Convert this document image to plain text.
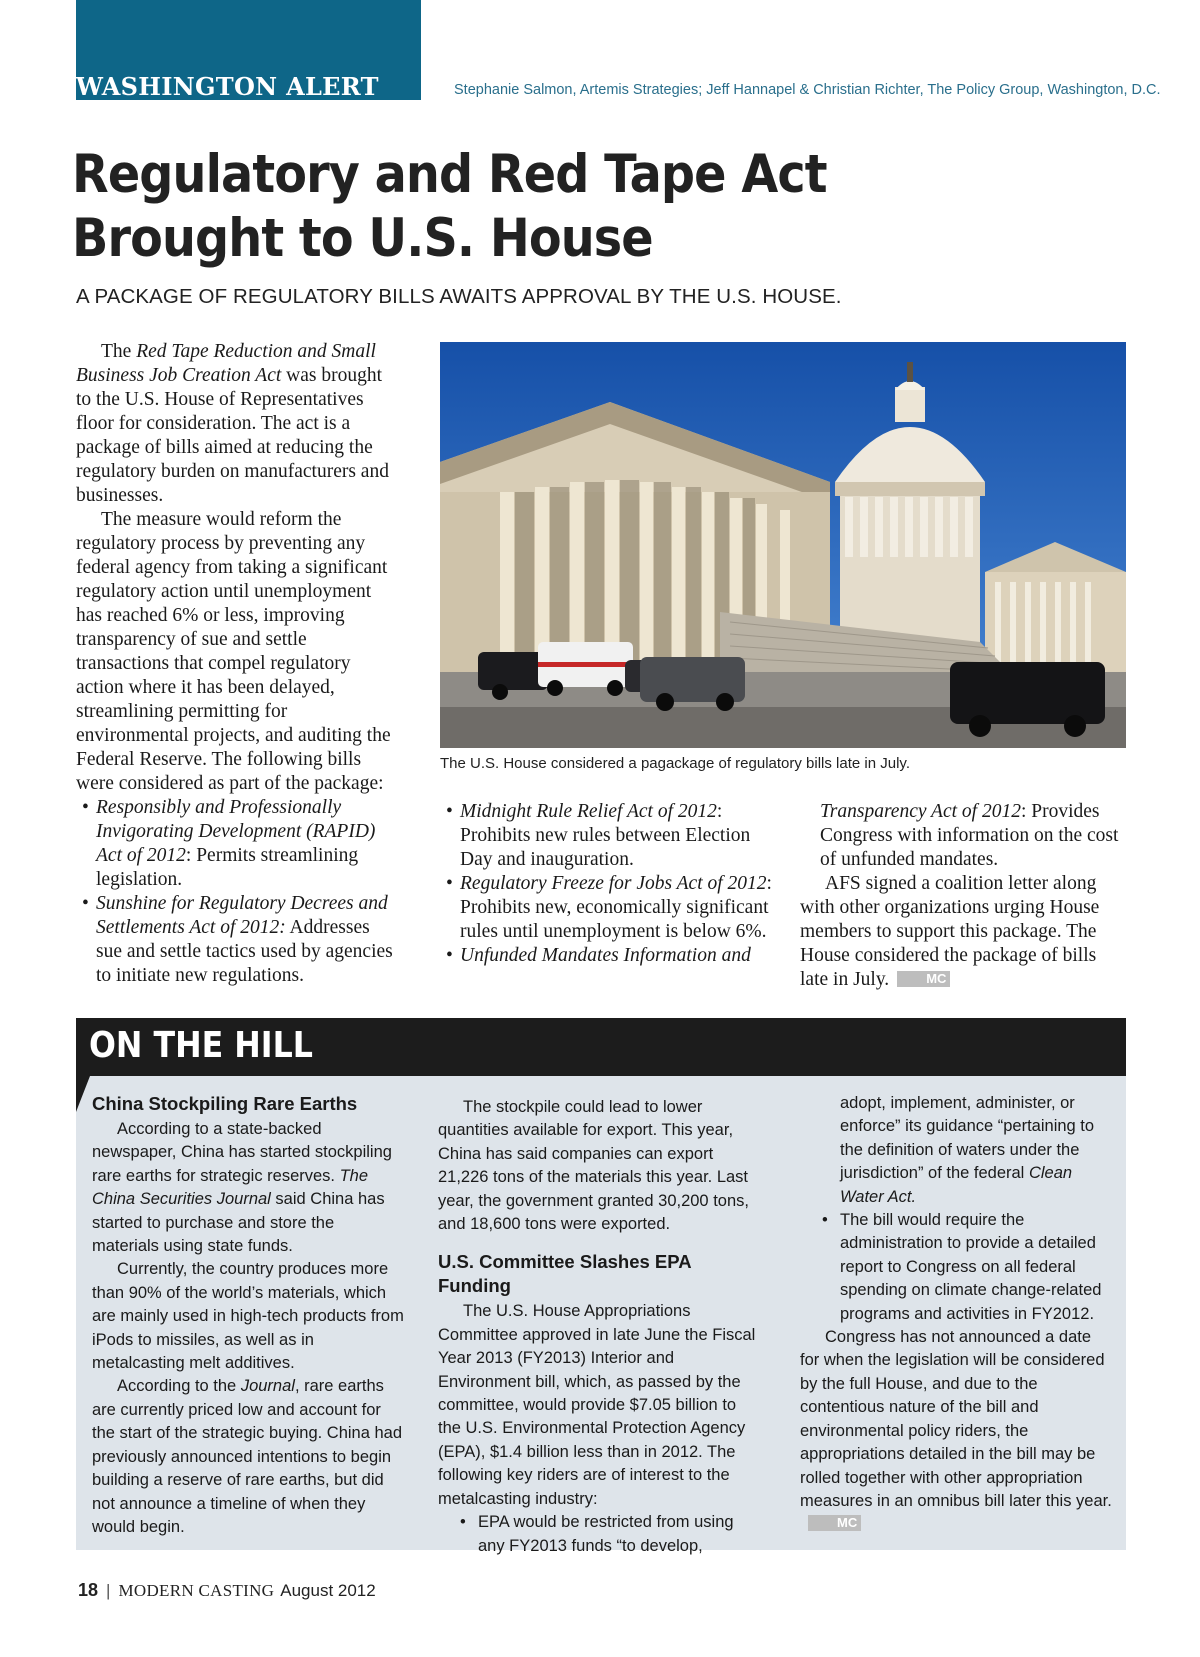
WASHINGTON ALERT	Stephanie Salmon, Artemis Strategies; Jeff Hannapel & Christian Richter, The Policy Group, Washington, D.C.
Regulatory and Red Tape Act
Brought to U.S. House
A PACKAGE OF REGULATORY BILLS AWAITS APPROVAL BY THE U.S. HOUSE.

The Red Tape Reduction and Small Business Job Creation Act was brought to the U.S. House of Representatives floor for consideration. The act is a package of bills aimed at reducing the regulatory burden on manufacturers and businesses.

The measure would reform the regulatory process by preventing any federal agency from taking a significant regulatory action until unemployment has reached 6% or less, improving transparency of sue and settle transactions that compel regulatory action where it has been delayed, streamlining permitting for environmental projects, and auditing the Federal Reserve. The following bills were considered as part of the package:

• Responsibly and Professionally Invigorating Development (RAPID) Act of 2012: Permits streamlining legislation.
• Sunshine for Regulatory Decrees and Settlements Act of 2012: Addresses sue and settle tactics used by agencies to initiate new regulations.
The U.S. House considered a pagackage of regulatory bills late in July.
• Midnight Rule Relief Act of 2012: Prohibits new rules between Election Day and inauguration.
• Regulatory Freeze for Jobs Act of 2012: Prohibits new, economically significant rules until unemployment is below 6%.
• Unfunded Mandates Information and
Transparency Act of 2012: Provides Congress with information on the cost of unfunded mandates.

AFS signed a coalition letter along with other organizations urging House members to support this package. The House considered the package of bills late in July.	MC

ON THE HILL
China Stockpiling Rare Earths

According to a state-backed newspaper, China has started stockpiling rare earths for strategic reserves. The China Securities Journal said China has started to purchase and store the materials using state funds.

Currently, the country produces more than 90% of the world’s materials, which are mainly used in high-tech products from iPods to missiles, as well as in metalcasting melt additives.

According to the Journal, rare earths are currently priced low and account for the start of the strategic buying. China had previously announced intentions to begin building a reserve of rare earths, but did not announce a timeline of when they would begin.

The stockpile could lead to lower quantities available for export. This year, China has said companies can export 21,226 tons of the materials this year. Last year, the government granted 30,200 tons, and 18,600 tons were exported.

U.S. Committee Slashes EPA Funding

The U.S. House Appropriations Committee approved in late June the Fiscal Year 2013 (FY2013) Interior and Environment bill, which, as passed by the committee, would provide $7.05 billion to the U.S. Environmental Protection Agency (EPA), $1.4 billion less than in 2012. The following key riders are of interest to the metalcasting industry:

• EPA would be restricted from using any FY2013 funds “to develop,
adopt, implement, administer, or enforce” its guidance “pertaining to the definition of waters under the jurisdiction” of the federal Clean Water Act.
• The bill would require the administration to provide a detailed report to Congress on all federal spending on climate change-related programs and activities in FY2012.

Congress has not announced a date for when the legislation will be considered by the full House, and due to the contentious nature of the bill and environmental policy riders, the appropriations detailed in the bill may be rolled together with other appropriation measures in an omnibus bill later this year.MC

18 | MODERN CASTING August 2012
